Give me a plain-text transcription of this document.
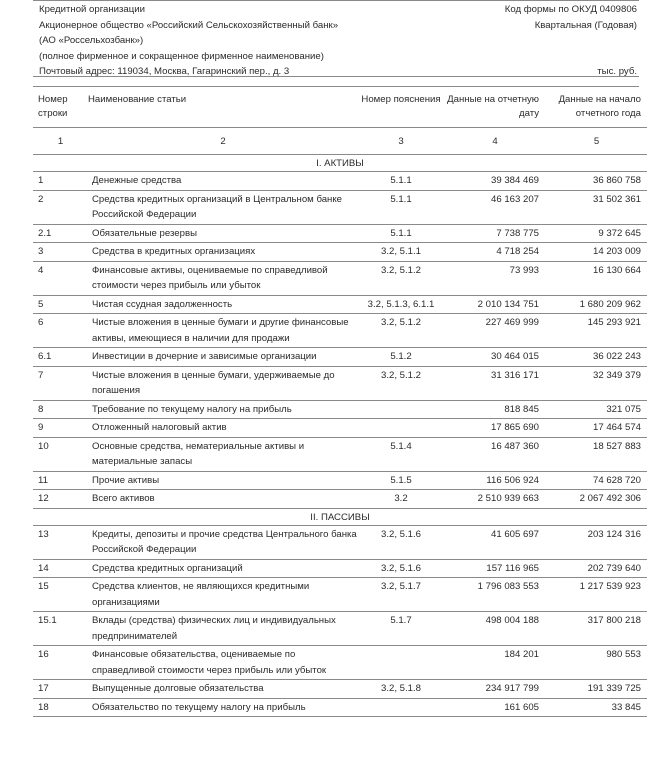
Кредитной организации	Код формы по ОКУД 0409806
Акционерное общество «Российский Сельскохозяйственный банк»	Квартальная (Годовая)
(АО «Россельхозбанк»)
(полное фирменное и сокращенное фирменное наименование)
Почтовый адрес: 119034, Москва, Гагаринский пер., д. 3	тыс. руб.
Номер строки	Наименование статьи	Номер пояснения	Данные на отчетную дату	Данные на начало отчетного года
1	2	3	4	5
I. АКТИВЫ				
1	Денежные средства	5.1.1	39 384 469	36 860 758
2	Средства кредитных организаций в Центральном банке Российской Федерации	5.1.1	46 163 207	31 502 361
2.1	Обязательные резервы	5.1.1	7 738 775	9 372 645
3	Средства в кредитных организациях	3.2, 5.1.1	4 718 254	14 203 009
4	Финансовые активы, оцениваемые по справедливой стоимости через прибыль или убыток	3.2, 5.1.2	73 993	16 130 664
5	Чистая ссудная задолженность	3.2, 5.1.3, 6.1.1	2 010 134 751	1 680 209 962
6	Чистые вложения в ценные бумаги и другие финансовые активы, имеющиеся в наличии для продажи	3.2, 5.1.2	227 469 999	145 293 921
6.1	Инвестиции в дочерние и зависимые организации	5.1.2	30 464 015	36 022 243
7	Чистые вложения в ценные бумаги, удерживаемые до погашения	3.2, 5.1.2	31 316 171	32 349 379
8	Требование по текущему налогу на прибыль		818 845	321 075
9	Отложенный налоговый актив		17 865 690	17 464 574
10	Основные средства, нематериальные активы и материальные запасы	5.1.4	16 487 360	18 527 883
11	Прочие активы	5.1.5	116 506 924	74 628 720
12	Всего активов	3.2	2 510 939 663	2 067 492 306
II. ПАССИВЫ				
13	Кредиты, депозиты и прочие средства Центрального банка Российской Федерации	3.2, 5.1.6	41 605 697	203 124 316
14	Средства кредитных организаций	3.2, 5.1.6	157 116 965	202 739 640
15	Средства клиентов, не являющихся кредитными организациями	3.2, 5.1.7	1 796 083 553	1 217 539 923
15.1	Вклады (средства) физических лиц и индивидуальных предпринимателей	5.1.7	498 004 188	317 800 218
16	Финансовые обязательства, оцениваемые по справедливой стоимости через прибыль или убыток		184 201	980 553
17	Выпущенные долговые обязательства	3.2, 5.1.8	234 917 799	191 339 725
18	Обязательство по текущему налогу на прибыль		161 605	33 845
